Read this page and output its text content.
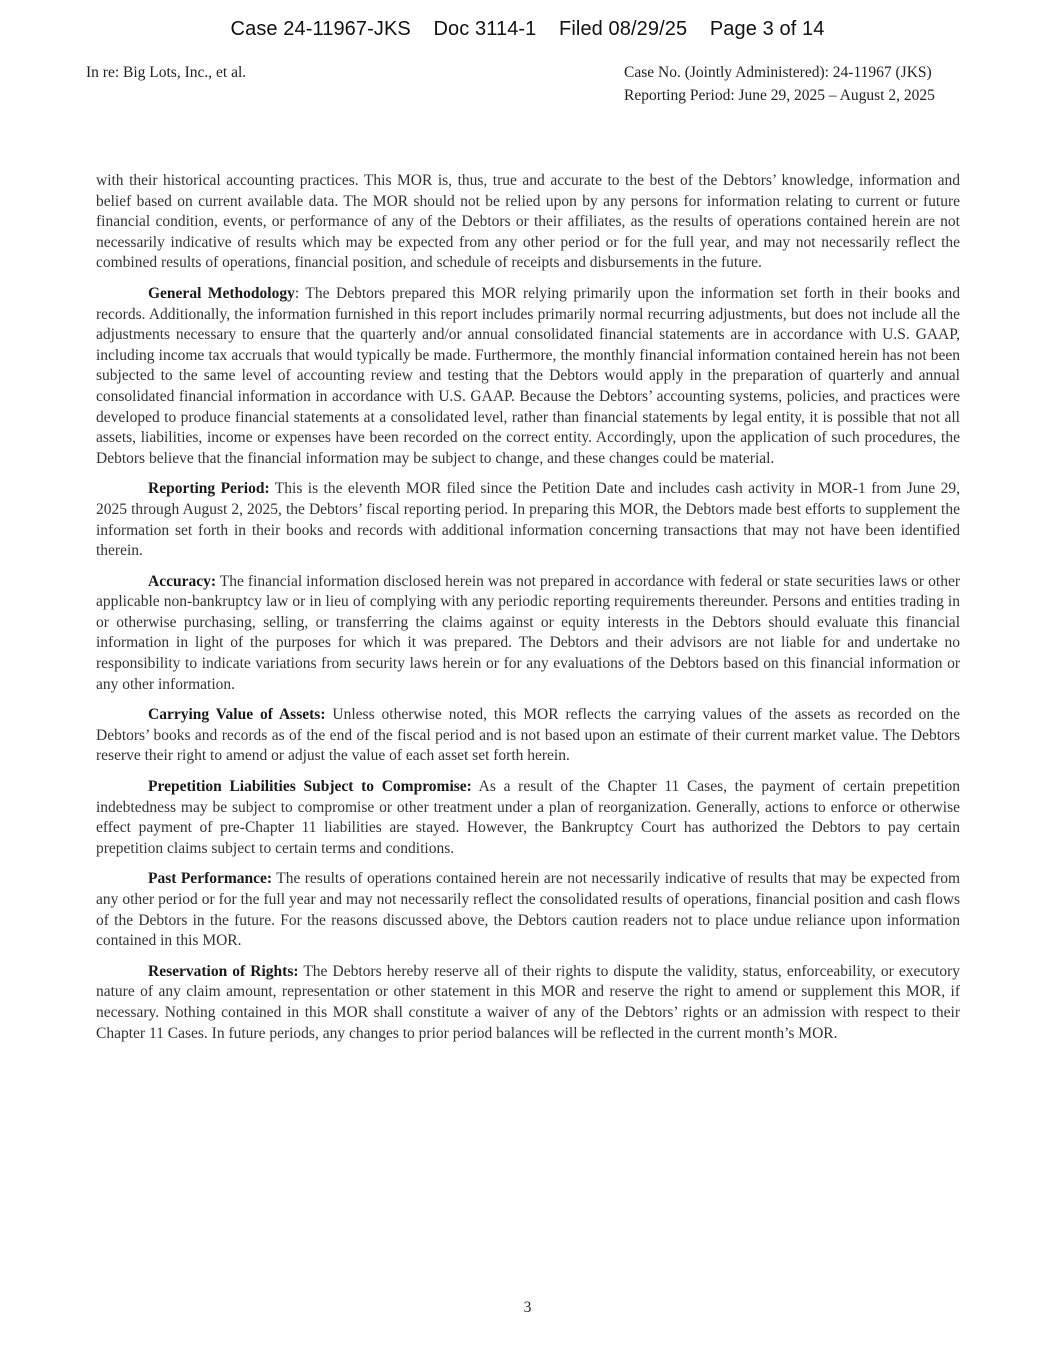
Case 24-11967-JKS    Doc 3114-1    Filed 08/29/25    Page 3 of 14
In re: Big Lots, Inc., et al.	Case No. (Jointly Administered): 24-11967 (JKS)
Reporting Period: June 29, 2025 – August 2, 2025

with their historical accounting practices. This MOR is, thus, true and accurate to the best of the Debtors’ knowledge, information and belief based on current available data. The MOR should not be relied upon by any persons for information relating to current or future financial condition, events, or performance of any of the Debtors or their affiliates, as the results of operations contained herein are not necessarily indicative of results which may be expected from any other period or for the full year, and may not necessarily reflect the combined results of operations, financial position, and schedule of receipts and disbursements in the future.

General Methodology: The Debtors prepared this MOR relying primarily upon the information set forth in their books and records. Additionally, the information furnished in this report includes primarily normal recurring adjustments, but does not include all the adjustments necessary to ensure that the quarterly and/or annual consolidated financial statements are in accordance with U.S. GAAP, including income tax accruals that would typically be made. Furthermore, the monthly financial information contained herein has not been subjected to the same level of accounting review and testing that the Debtors would apply in the preparation of quarterly and annual consolidated financial information in accordance with U.S. GAAP. Because the Debtors’ accounting systems, policies, and practices were developed to produce financial statements at a consolidated level, rather than financial statements by legal entity, it is possible that not all assets, liabilities, income or expenses have been recorded on the correct entity. Accordingly, upon the application of such procedures, the Debtors believe that the financial information may be subject to change, and these changes could be material.

Reporting Period: This is the eleventh MOR filed since the Petition Date and includes cash activity in MOR-1 from June 29, 2025 through August 2, 2025, the Debtors’ fiscal reporting period. In preparing this MOR, the Debtors made best efforts to supplement the information set forth in their books and records with additional information concerning transactions that may not have been identified therein.

Accuracy: The financial information disclosed herein was not prepared in accordance with federal or state securities laws or other applicable non-bankruptcy law or in lieu of complying with any periodic reporting requirements thereunder. Persons and entities trading in or otherwise purchasing, selling, or transferring the claims against or equity interests in the Debtors should evaluate this financial information in light of the purposes for which it was prepared. The Debtors and their advisors are not liable for and undertake no responsibility to indicate variations from security laws herein or for any evaluations of the Debtors based on this financial information or any other information.

Carrying Value of Assets: Unless otherwise noted, this MOR reflects the carrying values of the assets as recorded on the Debtors’ books and records as of the end of the fiscal period and is not based upon an estimate of their current market value. The Debtors reserve their right to amend or adjust the value of each asset set forth herein.

Prepetition Liabilities Subject to Compromise: As a result of the Chapter 11 Cases, the payment of certain prepetition indebtedness may be subject to compromise or other treatment under a plan of reorganization. Generally, actions to enforce or otherwise effect payment of pre-Chapter 11 liabilities are stayed. However, the Bankruptcy Court has authorized the Debtors to pay certain prepetition claims subject to certain terms and conditions.

Past Performance: The results of operations contained herein are not necessarily indicative of results that may be expected from any other period or for the full year and may not necessarily reflect the consolidated results of operations, financial position and cash flows of the Debtors in the future. For the reasons discussed above, the Debtors caution readers not to place undue reliance upon information contained in this MOR.

Reservation of Rights: The Debtors hereby reserve all of their rights to dispute the validity, status, enforceability, or executory nature of any claim amount, representation or other statement in this MOR and reserve the right to amend or supplement this MOR, if necessary. Nothing contained in this MOR shall constitute a waiver of any of the Debtors’ rights or an admission with respect to their Chapter 11 Cases. In future periods, any changes to prior period balances will be reflected in the current month’s MOR.

3
